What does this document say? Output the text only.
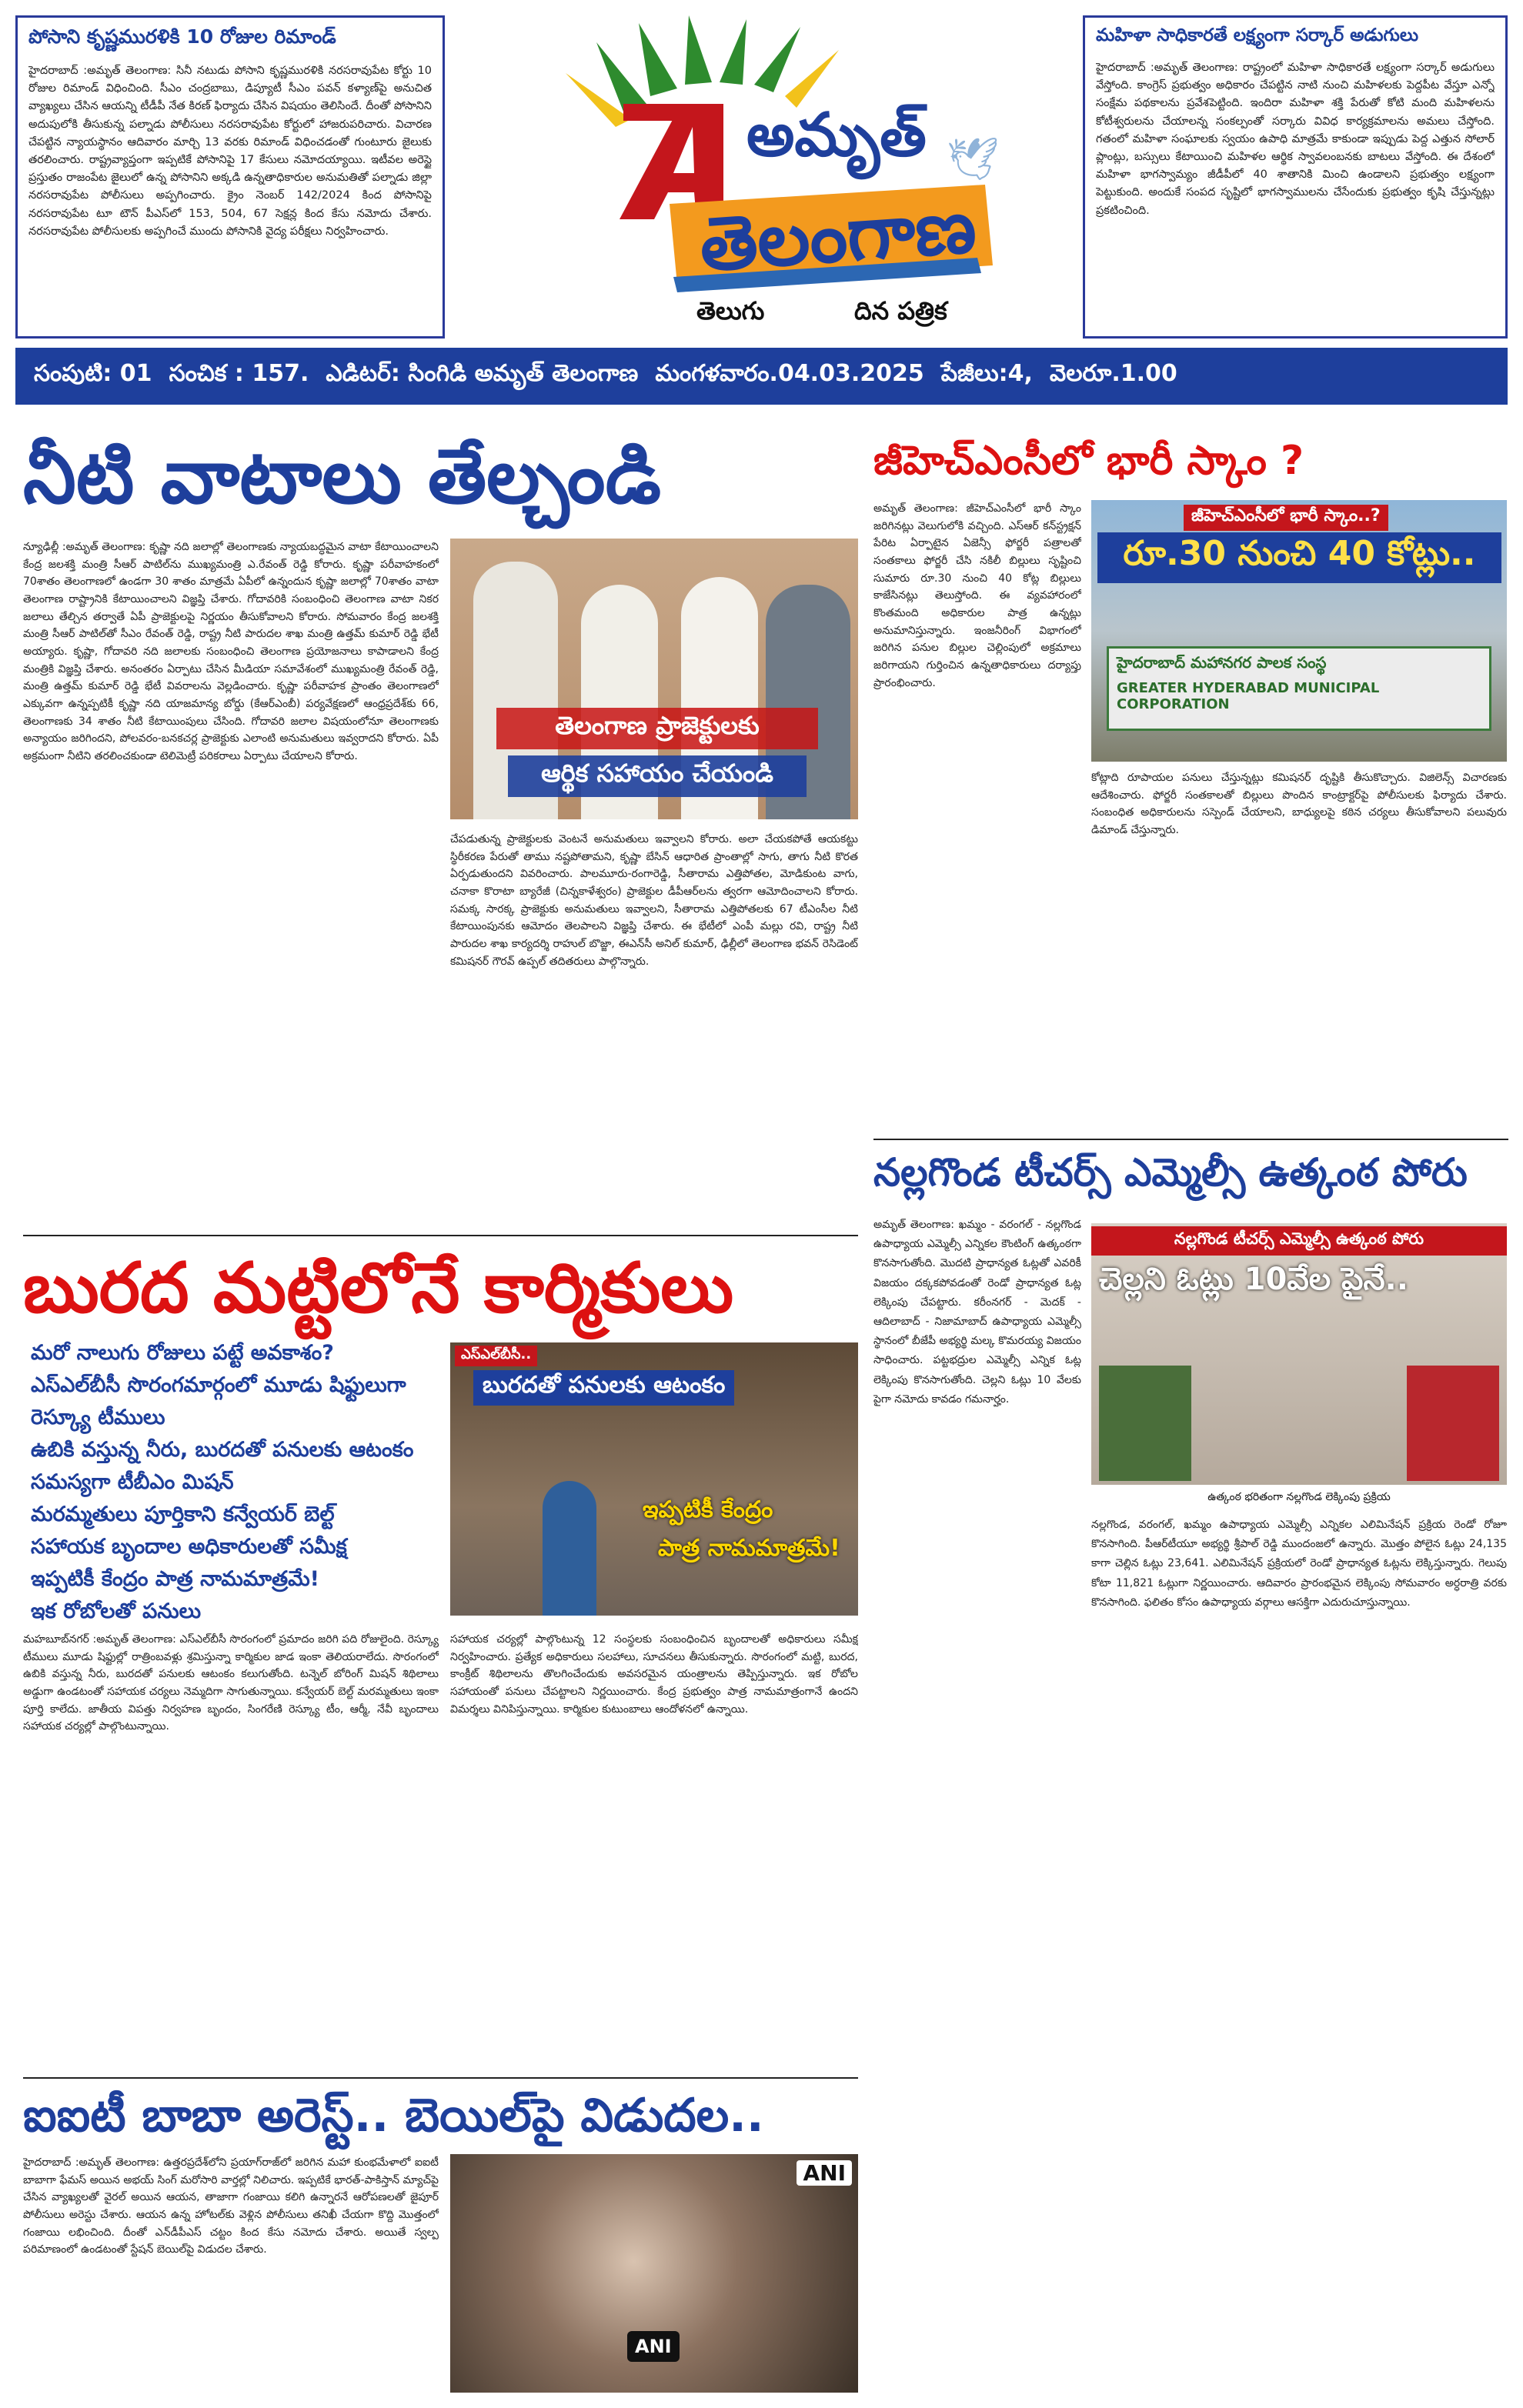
పోసాని కృష్ణమురళికి 10 రోజుల రిమాండ్
హైదరాబాద్ :అమృత్ తెలంగాణ: సినీ నటుడు పోసాని కృష్ణమురళికి నరసరావుపేట కోర్టు 10 రోజుల రిమాండ్ విధించింది. సీఎం చంద్రబాబు, డిప్యూటీ సీఎం పవన్ కళ్యాణ్‌పై అనుచిత వ్యాఖ్యలు చేసిన ఆయన్ని టీడీపీ నేత కిరణ్ ఫిర్యాదు చేసిన విషయం తెలిసిందే. దీంతో పోసానిని అదుపులోకి తీసుకున్న పల్నాడు పోలీసులు నరసరావుపేట కోర్టులో హాజరుపరిచారు. విచారణ చేపట్టిన న్యాయస్థానం ఆదివారం మార్చి 13 వరకు రిమాండ్ విధించడంతో గుంటూరు జైలుకు తరలించారు. రాష్ట్రవ్యాప్తంగా ఇప్పటికే పోసానిపై 17 కేసులు నమోదయ్యాయి. ఇటీవల అరెస్టై ప్రస్తుతం రాజంపేట జైలులో ఉన్న పోసానిని అక్కడి ఉన్నతాధికారుల అనుమతితో పల్నాడు జిల్లా నరసరావుపేట పోలీసులు అప్పగించారు. క్రైం నెంబర్ 142/2024 కింద పోసానిపై నరసరావుపేట టూ టౌన్ పీఎస్‌లో 153, 504, 67 సెక్షన్ల కింద కేసు నమోదు చేశారు. నరసరావుపేట పోలీసులకు అప్పగించే ముందు పోసానికి వైద్య పరీక్షలు నిర్వహించారు.
అమృత్
తెలంగాణ
తెలుగు	దిన పత్రిక
🕊
మహిళా సాధికారతే లక్ష్యంగా సర్కార్ అడుగులు
హైదరాబాద్ :అమృత్ తెలంగాణ: రాష్ట్రంలో మహిళా సాధికారతే లక్ష్యంగా సర్కార్ అడుగులు వేస్తోంది. కాంగ్రెస్ ప్రభుత్వం అధికారం చేపట్టిన నాటి నుంచి మహిళలకు పెద్దపీట వేస్తూ ఎన్నో సంక్షేమ పథకాలను ప్రవేశపెట్టింది. ఇందిరా మహిళా శక్తి పేరుతో కోటి మంది మహిళలను కోటీశ్వరులను చేయాలన్న సంకల్పంతో సర్కారు వివిధ కార్యక్రమాలను అమలు చేస్తోంది. గతంలో మహిళా సంఘాలకు స్వయం ఉపాధి మాత్రమే కాకుండా ఇప్పుడు పెద్ద ఎత్తున సోలార్ ప్లాంట్లు, బస్సులు కేటాయించి మహిళల ఆర్థిక స్వావలంబనకు బాటలు వేస్తోంది. ఈ దేశంలో మహిళా భాగస్వామ్యం జీడీపీలో 40 శాతానికి మించి ఉండాలని ప్రభుత్వం లక్ష్యంగా పెట్టుకుంది. అందుకే సంపద సృష్టిలో భాగస్వాములను చేసేందుకు ప్రభుత్వం కృషి చేస్తున్నట్లు ప్రకటించింది.
సంపుటి: 01 సంచిక : 157. ఎడిటర్: సింగిడి అమృత్ తెలంగాణ మంగళవారం.04.03.2025 పేజీలు:4, వెలరూ.1.00
నీటి వాటాలు తేల్చండి
న్యూఢిల్లీ :అమృత్ తెలంగాణ: కృష్ణా నది జలాల్లో తెలంగాణకు న్యాయబద్ధమైన వాటా కేటాయించాలని కేంద్ర జలశక్తి మంత్రి సీఆర్ పాటిల్‌ను ముఖ్యమంత్రి ఎ.రేవంత్ రెడ్డి కోరారు. కృష్ణా పరీవాహకంలో 70శాతం తెలంగాణలో ఉండగా 30 శాతం మాత్రమే ఏపీలో ఉన్నందున కృష్ణా జలాల్లో 70శాతం వాటా తెలంగాణ రాష్ట్రానికి కేటాయించాలని విజ్ఞప్తి చేశారు. గోదావరికి సంబంధించి తెలంగాణ వాటా నికర జలాలు తేల్చిన తర్వాతే ఏపీ ప్రాజెక్టులపై నిర్ణయం తీసుకోవాలని కోరారు. సోమవారం కేంద్ర జలశక్తి మంత్రి సీఆర్ పాటిల్‌తో సీఎం రేవంత్ రెడ్డి, రాష్ట్ర నీటి పారుదల శాఖ మంత్రి ఉత్తమ్ కుమార్ రెడ్డి భేటీ అయ్యారు. కృష్ణా, గోదావరి నది జలాలకు సంబంధించి తెలంగాణ ప్రయోజనాలు కాపాడాలని కేంద్ర మంత్రికి విజ్ఞప్తి చేశారు. అనంతరం ఏర్పాటు చేసిన మీడియా సమావేశంలో ముఖ్యమంత్రి రేవంత్ రెడ్డి, మంత్రి ఉత్తమ్ కుమార్ రెడ్డి భేటీ వివరాలను వెల్లడించారు. కృష్ణా పరీవాహక ప్రాంతం తెలంగాణలో ఎక్కువగా ఉన్నప్పటికీ కృష్ణా నది యాజమాన్య బోర్డు (కేఆర్ఎంబీ) పర్యవేక్షణలో ఆంధ్రప్రదేశ్‌కు 66, తెలంగాణకు 34 శాతం నీటి కేటాయింపులు చేసింది. గోదావరి జలాల విషయంలోనూ తెలంగాణకు అన్యాయం జరిగిందని, పోలవరం-బనకచర్ల ప్రాజెక్టుకు ఎలాంటి అనుమతులు ఇవ్వరాదని కోరారు. ఏపీ అక్రమంగా నీటిని తరలించకుండా టెలిమెట్రీ పరికరాలు ఏర్పాటు చేయాలని కోరారు.
తెలంగాణ ప్రాజెక్టులకు
ఆర్థిక సహాయం చేయండి
చేపడుతున్న ప్రాజెక్టులకు వెంటనే అనుమతులు ఇవ్వాలని కోరారు. అలా చేయకపోతే ఆయకట్టు స్థిరీకరణ పేరుతో తాము నష్టపోతామని, కృష్ణా బేసిన్ ఆధారిత ప్రాంతాల్లో సాగు, తాగు నీటి కొరత ఏర్పడుతుందని వివరించారు. పాలమూరు-రంగారెడ్డి, సీతారామ ఎత్తిపోతల, మోడికుంట వాగు, చనాకా కొరాటా బ్యారేజీ (చిన్నకాళేశ్వరం) ప్రాజెక్టుల డీపీఆర్‌లను త్వరగా ఆమోదించాలని కోరారు. సమక్క సారక్క ప్రాజెక్టుకు అనుమతులు ఇవ్వాలని, సీతారామ ఎత్తిపోతలకు 67 టీఎంసీల నీటి కేటాయింపునకు ఆమోదం తెలపాలని విజ్ఞప్తి చేశారు. ఈ భేటీలో ఎంపీ మల్లు రవి, రాష్ట్ర నీటి పారుదల శాఖ కార్యదర్శి రాహుల్ బొజ్జా, ఈఎన్‌సీ అనిల్ కుమార్, ఢిల్లీలో తెలంగాణ భవన్ రెసిడెంట్ కమిషనర్ గౌరవ్ ఉప్పల్ తదితరులు పాల్గొన్నారు.
జీహెచ్ఎంసీలో భారీ స్కాం ?
అమృత్ తెలంగాణ: జీహెచ్ఎంసీలో భారీ స్కాం జరిగినట్లు వెలుగులోకి వచ్చింది. ఎస్ఆర్ కన్‌స్ట్రక్షన్ పేరిట ఏర్పాటైన ఏజెన్సీ ఫోర్జరీ పత్రాలతో సంతకాలు ఫోర్జరీ చేసి నకిలీ బిల్లులు సృష్టించి సుమారు రూ.30 నుంచి 40 కోట్ల బిల్లులు కాజేసినట్లు తెలుస్తోంది. ఈ వ్యవహారంలో కొంతమంది అధికారుల పాత్ర ఉన్నట్లు అనుమానిస్తున్నారు. ఇంజనీరింగ్ విభాగంలో జరిగిన పనుల బిల్లుల చెల్లింపులో అక్రమాలు జరిగాయని గుర్తించిన ఉన్నతాధికారులు దర్యాప్తు ప్రారంభించారు.
జీహెచ్ఎంసీలో భారీ స్కాం..?
రూ.30 నుంచి 40 కోట్లు..
హైదరాబాద్ మహానగర పాలక సంస్థ
GREATER HYDERABAD MUNICIPAL CORPORATION
కోట్లాది రూపాయల పనులు చేస్తున్నట్లు కమిషనర్ దృష్టికి తీసుకొచ్చారు. విజిలెన్స్ విచారణకు ఆదేశించారు. ఫోర్జరీ సంతకాలతో బిల్లులు పొందిన కాంట్రాక్టర్‌పై పోలీసులకు ఫిర్యాదు చేశారు. సంబంధిత అధికారులను సస్పెండ్ చేయాలని, బాధ్యులపై కఠిన చర్యలు తీసుకోవాలని పలువురు డిమాండ్ చేస్తున్నారు.
నల్లగొండ టీచర్స్ ఎమ్మెల్సీ ఉత్కంఠ పోరు
అమృత్ తెలంగాణ: ఖమ్మం - వరంగల్ - నల్లగొండ ఉపాధ్యాయ ఎమ్మెల్సీ ఎన్నికల కౌంటింగ్ ఉత్కంఠగా కొనసాగుతోంది. మొదటి ప్రాధాన్యత ఓట్లతో ఎవరికీ విజయం దక్కకపోవడంతో రెండో ప్రాధాన్యత ఓట్ల లెక్కింపు చేపట్టారు. కరీంనగర్ - మెదక్ - ఆదిలాబాద్ - నిజామాబాద్ ఉపాధ్యాయ ఎమ్మెల్సీ స్థానంలో బీజేపీ అభ్యర్థి మల్క కొమరయ్య విజయం సాధించారు. పట్టభద్రుల ఎమ్మెల్సీ ఎన్నిక ఓట్ల లెక్కింపు కొనసాగుతోంది. చెల్లని ఓట్లు 10 వేలకు పైగా నమోదు కావడం గమనార్హం.
నల్లగొండ టీచర్స్ ఎమ్మెల్సీ ఉత్కంఠ పోరు
చెల్లని ఓట్లు 10వేల పైనే..
ఉత్కంఠ భరితంగా నల్లగొండ లెక్కింపు ప్రక్రియ
నల్లగొండ, వరంగల్, ఖమ్మం ఉపాధ్యాయ ఎమ్మెల్సీ ఎన్నికల ఎలిమినేషన్ ప్రక్రియ రెండో రోజూ కొనసాగింది. పీఆర్‌టీయూ అభ్యర్థి శ్రీపాల్ రెడ్డి ముందంజలో ఉన్నారు. మొత్తం పోలైన ఓట్లు 24,135 కాగా చెల్లిన ఓట్లు 23,641. ఎలిమినేషన్ ప్రక్రియలో రెండో ప్రాధాన్యత ఓట్లను లెక్కిస్తున్నారు. గెలుపు కోటా 11,821 ఓట్లుగా నిర్ణయించారు. ఆదివారం ప్రారంభమైన లెక్కింపు సోమవారం అర్ధరాత్రి వరకు కొనసాగింది. ఫలితం కోసం ఉపాధ్యాయ వర్గాలు ఆసక్తిగా ఎదురుచూస్తున్నాయి.
బురద మట్టిలోనే కార్మికులు
మరో నాలుగు రోజులు పట్టే అవకాశం?
ఎస్ఎల్‌బీసీ సొరంగమార్గంలో మూడు షిఫ్టులుగా
రెస్క్యూ టీములు
ఉబికి వస్తున్న నీరు, బురదతో పనులకు ఆటంకం
సమస్యగా టీబీఎం మిషన్
మరమ్మతులు పూర్తికాని కన్వేయర్ బెల్ట్
సహాయక బృందాల అధికారులతో సమీక్ష
ఇప్పటికీ కేంద్రం పాత్ర నామమాత్రమే!
ఇక రోబోలతో పనులు
ఎస్ఎల్‌బీసీ..
బురదతో పనులకు ఆటంకం
ఇప్పటికీ కేంద్రం
పాత్ర నామమాత్రమే!
మహబూబ్‌నగర్ :అమృత్ తెలంగాణ: ఎస్ఎల్‌బీసీ సొరంగంలో ప్రమాదం జరిగి పది రోజులైంది. రెస్క్యూ టీములు మూడు షిఫ్టుల్లో రాత్రింబవళ్లు శ్రమిస్తున్నా కార్మికుల జాడ ఇంకా తెలియరాలేదు. సొరంగంలో ఉబికి వస్తున్న నీరు, బురదతో పనులకు ఆటంకం కలుగుతోంది. టన్నెల్ బోరింగ్ మిషన్ శిథిలాలు అడ్డుగా ఉండటంతో సహాయక చర్యలు నెమ్మదిగా సాగుతున్నాయి. కన్వేయర్ బెల్ట్ మరమ్మతులు ఇంకా పూర్తి కాలేదు. జాతీయ విపత్తు నిర్వహణ బృందం, సింగరేణి రెస్క్యూ టీం, ఆర్మీ, నేవీ బృందాలు సహాయక చర్యల్లో పాల్గొంటున్నాయి.
సహాయక చర్యల్లో పాల్గొంటున్న 12 సంస్థలకు సంబంధించిన బృందాలతో అధికారులు సమీక్ష నిర్వహించారు. ప్రత్యేక అధికారులు సలహాలు, సూచనలు తీసుకున్నారు. సొరంగంలో మట్టి, బురద, కాంక్రీట్ శిథిలాలను తొలగించేందుకు అవసరమైన యంత్రాలను తెప్పిస్తున్నారు. ఇక రోబోల సహాయంతో పనులు చేపట్టాలని నిర్ణయించారు. కేంద్ర ప్రభుత్వం పాత్ర నామమాత్రంగానే ఉందని విమర్శలు వినిపిస్తున్నాయి. కార్మికుల కుటుంబాలు ఆందోళనలో ఉన్నాయి.
ఐఐటీ బాబా అరెస్ట్.. బెయిల్‌పై విడుదల..
హైదరాబాద్ :అమృత్ తెలంగాణ: ఉత్తరప్రదేశ్‌లోని ప్రయాగ్‌రాజ్‌లో జరిగిన మహా కుంభమేళాలో ఐఐటీ బాబాగా ఫేమస్ అయిన అభయ్ సింగ్ మరోసారి వార్తల్లో నిలిచారు. ఇప్పటికే భారత్-పాకిస్తాన్ మ్యాచ్‌పై చేసిన వ్యాఖ్యలతో వైరల్ అయిన ఆయన, తాజాగా గంజాయి కలిగి ఉన్నారనే ఆరోపణలతో జైపూర్ పోలీసులు అరెస్టు చేశారు. ఆయన ఉన్న హోటల్‌కు వెళ్లిన పోలీసులు తనిఖీ చేయగా కొద్ది మొత్తంలో గంజాయి లభించింది. దీంతో ఎన్‌డీపీఎస్ చట్టం కింద కేసు నమోదు చేశారు. అయితే స్వల్ప పరిమాణంలో ఉండటంతో స్టేషన్ బెయిల్‌పై విడుదల చేశారు.
ANI
ANI
